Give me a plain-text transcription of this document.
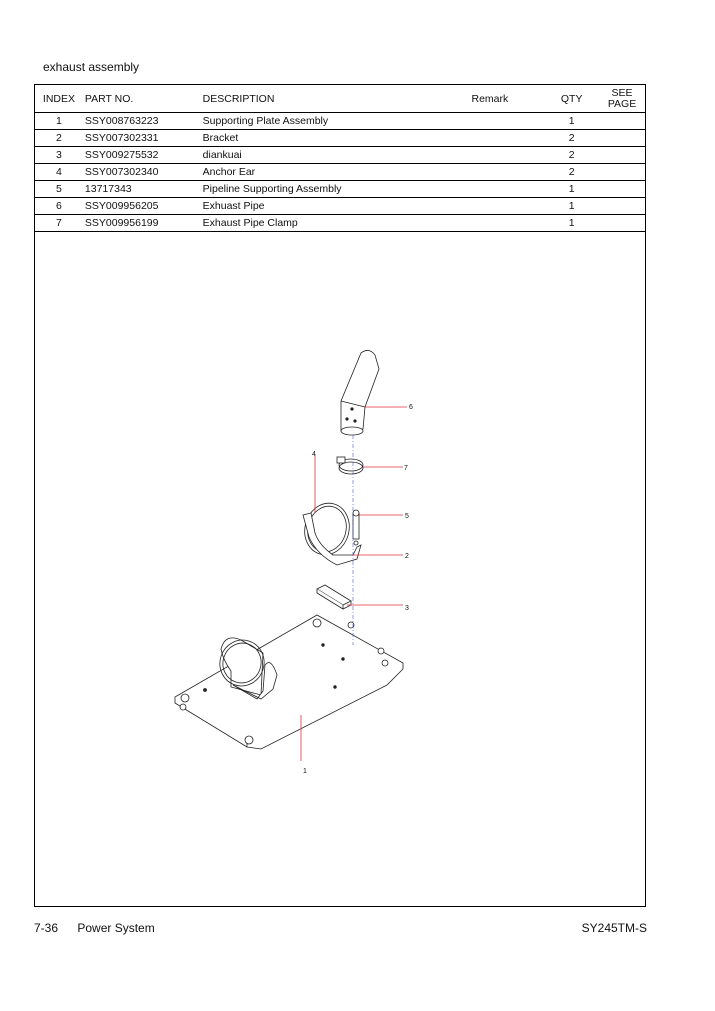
exhaust assembly
INDEX	PART NO.	DESCRIPTION	Remark	QTY	SEE
PAGE

1	SSY008763223	Supporting Plate Assembly		1	
2	SSY007302331	Bracket		2	
3	SSY009275532	diankuai		2	
4	SSY007302340	Anchor Ear		2	
5	13717343	Pipeline Supporting Assembly		1	
6	SSY009956205	Exhuast Pipe		1	
7	SSY009956199	Exhaust Pipe Clamp		1	
1
2
3
4
5
6
7
7-36 Power System	SY245TM-S
